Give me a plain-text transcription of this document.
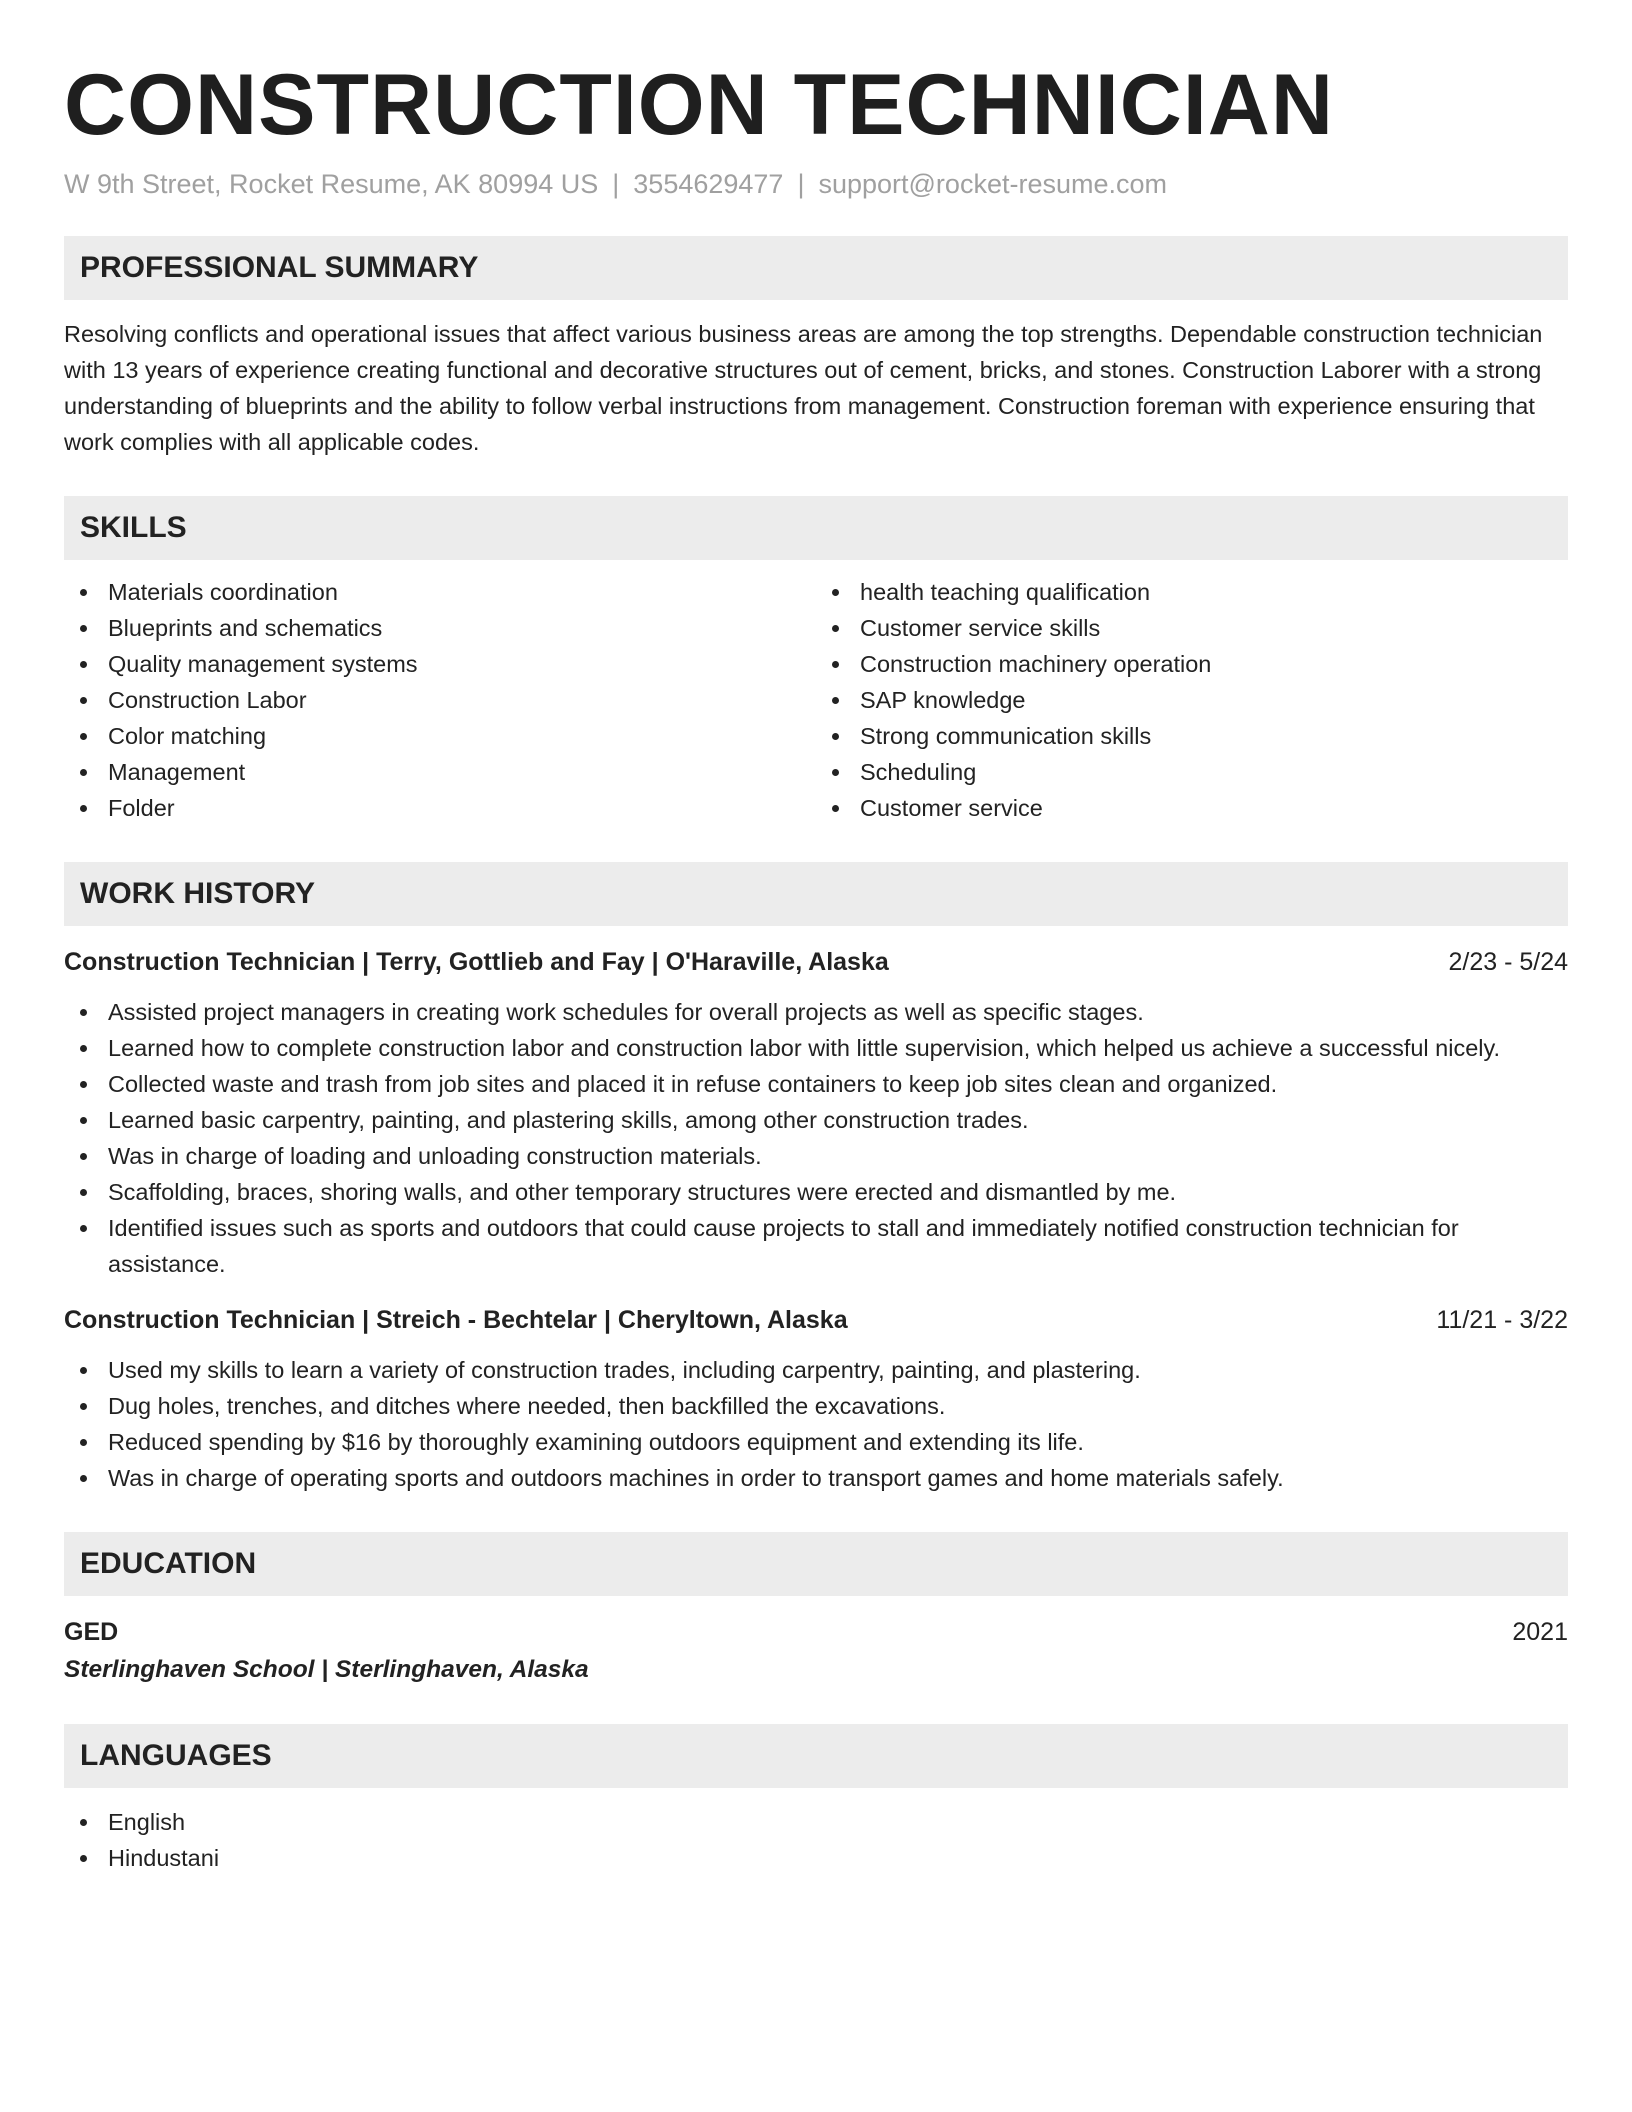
CONSTRUCTION TECHNICIAN
W 9th Street, Rocket Resume, AK 80994 US | 3554629477 | support@rocket-resume.com
PROFESSIONAL SUMMARY
Resolving conflicts and operational issues that affect various business areas are among the top strengths. Dependable construction technician with 13 years of experience creating functional and decorative structures out of cement, bricks, and stones. Construction Laborer with a strong understanding of blueprints and the ability to follow verbal instructions from management. Construction foreman with experience ensuring that work complies with all applicable codes.
SKILLS
Materials coordination
Blueprints and schematics
Quality management systems
Construction Labor
Color matching
Management
Folder
health teaching qualification
Customer service skills
Construction machinery operation
SAP knowledge
Strong communication skills
Scheduling
Customer service
WORK HISTORY
Construction Technician | Terry, Gottlieb and Fay | O'Haraville, Alaska	2/23 - 5/24
Assisted project managers in creating work schedules for overall projects as well as specific stages.
Learned how to complete construction labor and construction labor with little supervision, which helped us achieve a successful nicely.
Collected waste and trash from job sites and placed it in refuse containers to keep job sites clean and organized.
Learned basic carpentry, painting, and plastering skills, among other construction trades.
Was in charge of loading and unloading construction materials.
Scaffolding, braces, shoring walls, and other temporary structures were erected and dismantled by me.
Identified issues such as sports and outdoors that could cause projects to stall and immediately notified construction technician for assistance.
Construction Technician | Streich - Bechtelar | Cheryltown, Alaska	11/21 - 3/22
Used my skills to learn a variety of construction trades, including carpentry, painting, and plastering.
Dug holes, trenches, and ditches where needed, then backfilled the excavations.
Reduced spending by $16 by thoroughly examining outdoors equipment and extending its life.
Was in charge of operating sports and outdoors machines in order to transport games and home materials safely.
EDUCATION
GED	2021
Sterlinghaven School | Sterlinghaven, Alaska
LANGUAGES
English
Hindustani
